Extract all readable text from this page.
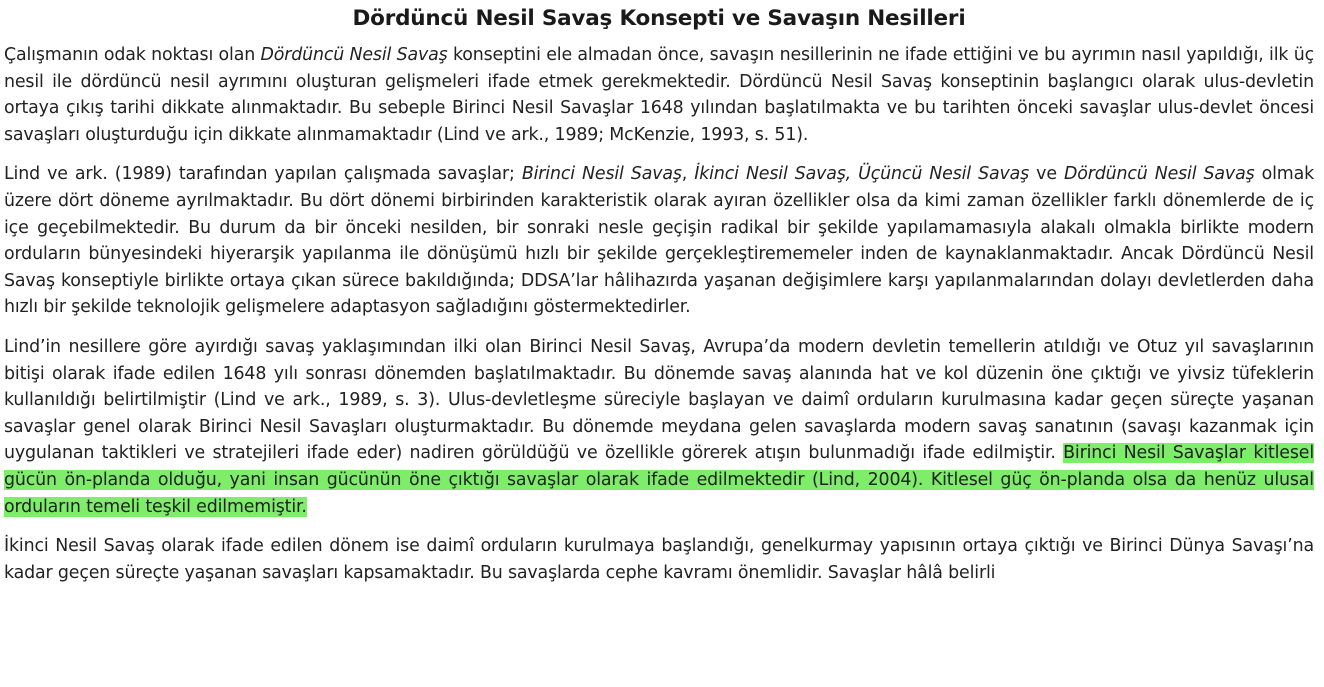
Dördüncü Nesil Savaş Konsepti ve Savaşın Nesilleri

Çalışmanın odak noktası olan Dördüncü Nesil Savaş konseptini ele almadan önce, savaşın nesillerinin ne ifade ettiğini ve bu ayrımın nasıl yapıldığı, ilk üç nesil ile dördüncü nesil ayrımını oluşturan gelişmeleri ifade etmek gerekmektedir. Dördüncü Nesil Savaş konseptinin başlangıcı olarak ulus-devletin ortaya çıkış tarihi dikkate alınmaktadır. Bu sebeple Birinci Nesil Savaşlar 1648 yılından başlatılmakta ve bu tarihten önceki savaşlar ulus-devlet öncesi savaşları oluşturduğu için dikkate alınmamaktadır (Lind ve ark., 1989; McKenzie, 1993, s. 51).

Lind ve ark. (1989) tarafından yapılan çalışmada savaşlar; Birinci Nesil Savaş, İkinci Nesil Savaş, Üçüncü Nesil Savaş ve Dördüncü Nesil Savaş olmak üzere dört döneme ayrılmaktadır. Bu dört dönemi birbirinden karakteristik olarak ayıran özellikler olsa da kimi zaman özellikler farklı dönemlerde de iç içe geçebilmektedir. Bu durum da bir önceki nesilden, bir sonraki nesle geçişin radikal bir şekilde yapılamamasıyla alakalı olmakla birlikte modern orduların bünyesindeki hiyerarşik yapılanma ile dönüşümü hızlı bir şekilde gerçekleştirememeler inden de kaynaklanmaktadır. Ancak Dördüncü Nesil Savaş konseptiyle birlikte ortaya çıkan sürece bakıldığında; DDSA’lar hâlihazırda yaşanan değişimlere karşı yapılanmalarından dolayı devletlerden daha hızlı bir şekilde teknolojik gelişmelere adaptasyon sağladığını göstermektedirler.

Lind’in nesillere göre ayırdığı savaş yaklaşımından ilki olan Birinci Nesil Savaş, Avrupa’da modern devletin temellerin atıldığı ve Otuz yıl savaşlarının bitişi olarak ifade edilen 1648 yılı sonrası dönemden başlatılmaktadır. Bu dönemde savaş alanında hat ve kol düzenin öne çıktığı ve yivsiz tüfeklerin kullanıldığı belirtilmiştir (Lind ve ark., 1989, s. 3). Ulus-devletleşme süreciyle başlayan ve daimî orduların kurulmasına kadar geçen süreçte yaşanan savaşlar genel olarak Birinci Nesil Savaşları oluşturmaktadır. Bu dönemde meydana gelen savaşlarda modern savaş sanatının (savaşı kazanmak için uygulanan taktikleri ve stratejileri ifade eder) nadiren görüldüğü ve özellikle görerek atışın bulunmadığı ifade edilmiştir. Birinci Nesil Savaşlar kitlesel gücün ön-planda olduğu, yani insan gücünün öne çıktığı savaşlar olarak ifade edilmektedir (Lind, 2004). Kitlesel güç ön-planda olsa da henüz ulusal orduların temeli teşkil edilmemiştir.

İkinci Nesil Savaş olarak ifade edilen dönem ise daimî orduların kurulmaya başlandığı, genelkurmay yapısının ortaya çıktığı ve Birinci Dünya Savaşı’na kadar geçen süreçte yaşanan savaşları kapsamaktadır. Bu savaşlarda cephe kavramı önemlidir. Savaşlar hâlâ belirli
